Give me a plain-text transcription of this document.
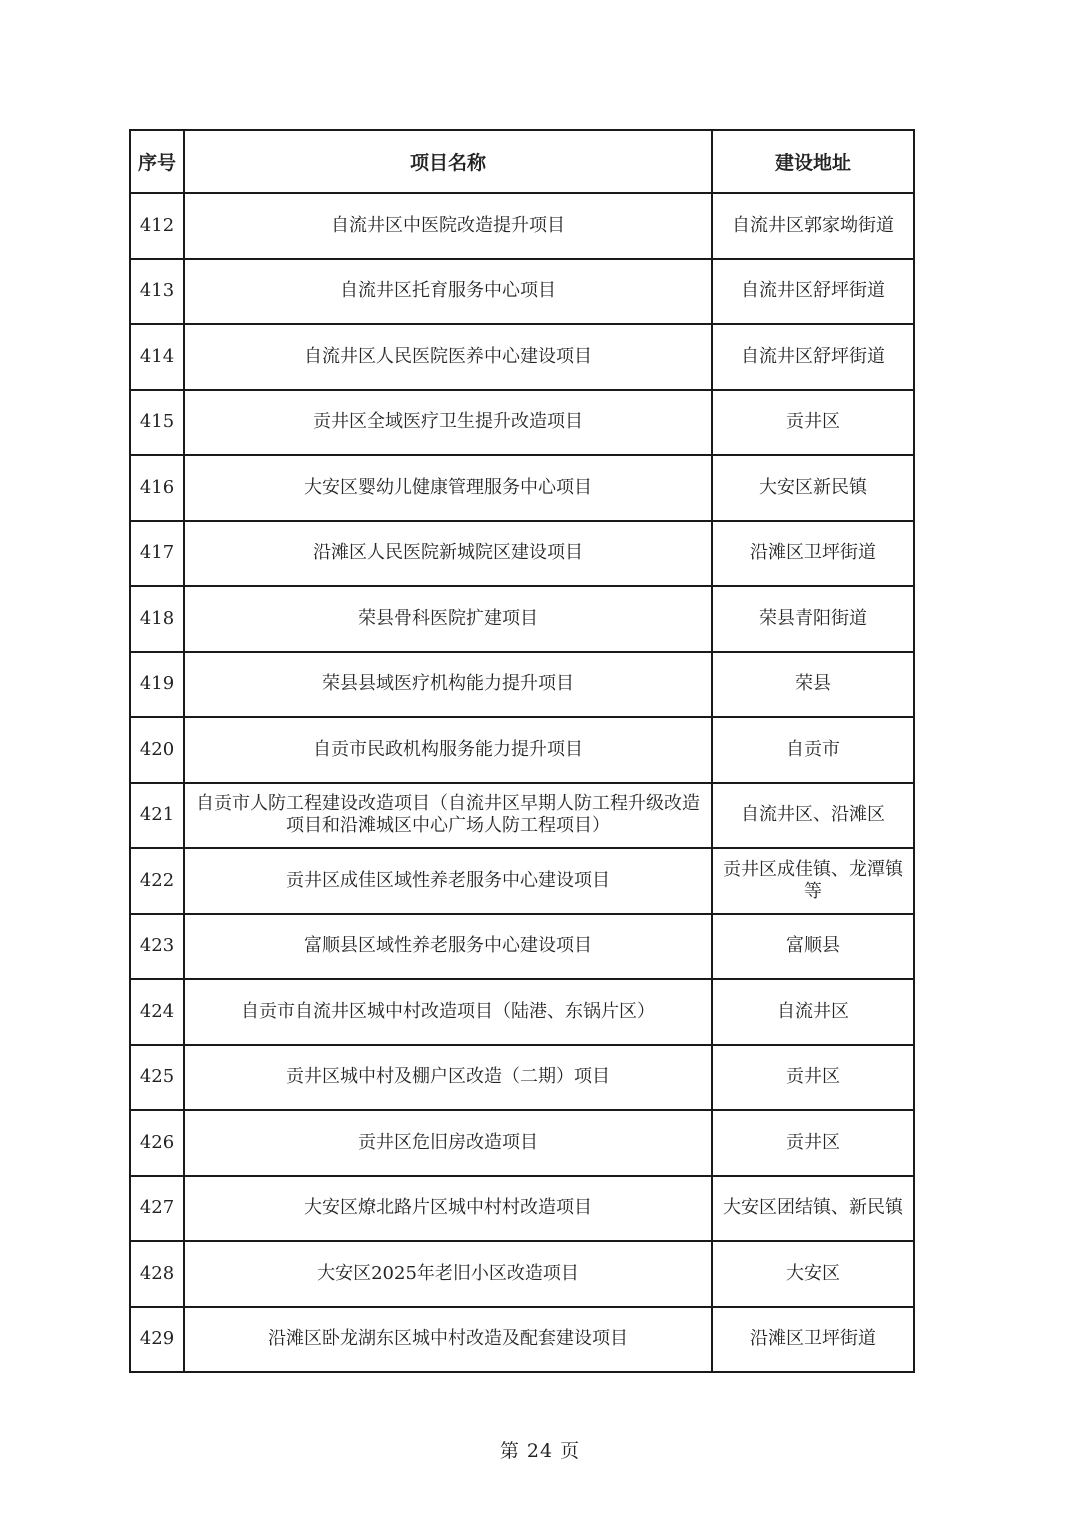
序号	项目名称	建设地址
412	自流井区中医院改造提升项目	自流井区郭家坳街道
413	自流井区托育服务中心项目	自流井区舒坪街道
414	自流井区人民医院医养中心建设项目	自流井区舒坪街道
415	贡井区全域医疗卫生提升改造项目	贡井区
416	大安区婴幼儿健康管理服务中心项目	大安区新民镇
417	沿滩区人民医院新城院区建设项目	沿滩区卫坪街道
418	荣县骨科医院扩建项目	荣县青阳街道
419	荣县县域医疗机构能力提升项目	荣县
420	自贡市民政机构服务能力提升项目	自贡市
421	自贡市人防工程建设改造项目（自流井区早期人防工程升级改造项目和沿滩城区中心广场人防工程项目）	自流井区、沿滩区
422	贡井区成佳区域性养老服务中心建设项目	贡井区成佳镇、龙潭镇等
423	富顺县区域性养老服务中心建设项目	富顺县
424	自贡市自流井区城中村改造项目（陆港、东锅片区）	自流井区
425	贡井区城中村及棚户区改造（二期）项目	贡井区
426	贡井区危旧房改造项目	贡井区
427	大安区燎北路片区城中村村改造项目	大安区团结镇、新民镇
428	大安区2025年老旧小区改造项目	大安区
429	沿滩区卧龙湖东区城中村改造及配套建设项目	沿滩区卫坪街道
第 24 页
